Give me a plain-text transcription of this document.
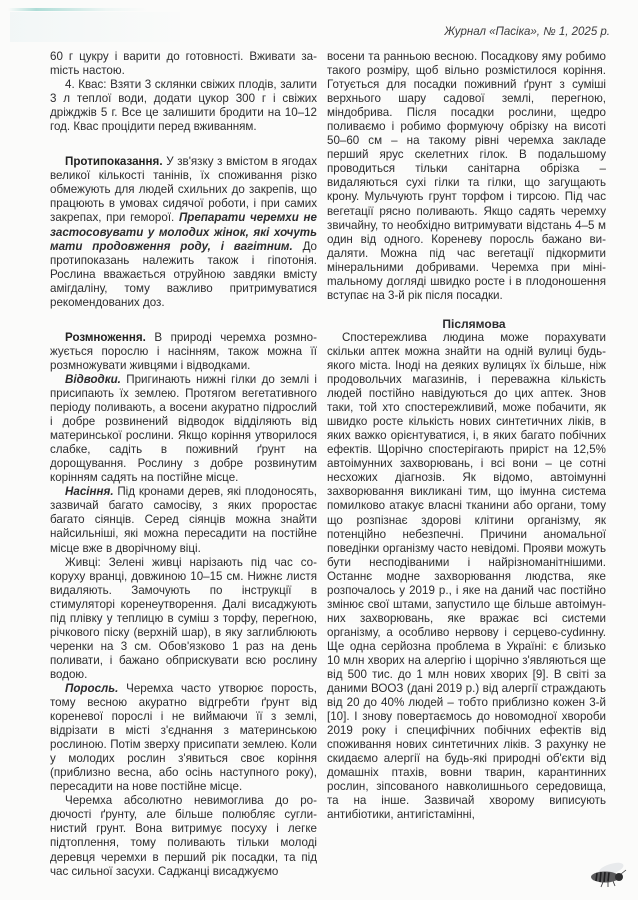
Журнал «Пасіка», № 1, 2025 р.

60 г цукру і варити до готовності. Вживати заmість настою.

4. Квас: Взяти 3 склянки свіжих плодів, залити 3 л теплої води, додати цукор 300 г і свіжих дріжджів 5 г. Все це залишити бродити на 10–12 год. Квас процідити перед вживанням.

Протипоказання. У зв'язку з вмістом в ягодах великої кількості танінів, їх споживання різко обмежують для людей схильних до закрепів, що працюють в умовах сидячої роботи, і при самих закрепах, при геморої. Препарати черемхи не застосовувати у молодих жінок, які хочуть мати продовження роду, і вагітним. До протипоказань належить також і гіпотонія. Рослина вважається отруйною завдяки вмісту амігдаліну, тому важливо притримуватися рекомендованих доз.

Розмноження. В природі черемха розмножується порослю і насінням, також можна її розмножувати живцями і відводками.

Відводки. Пригинають нижні гілки до землі і присипають їх землею. Протягом вегетативного періоду поливають, а восени акуратно підрослий і добре розвинений відводок відділяють від материнської рослини. Якщо коріння утворилося слабке, садіть в поживний ґрунт на дорощування. Рослину з добре розвинутим корінням садять на постійне місце.

Насіння. Під кронами дерев, які плодоносять, зазвичай багато самосіву, з яких проростає багато сіянців. Серед сіянців можна знайти найсильніші, які можна пересадити на постійне місце вже в дворічному віці.

Живці: Зелені живці нарізають під час сокоруху вранці, довжиною 10–15 см. Нижнє листя видаляють. Замочують по інструкції в стимуляторі коренеутворення. Далі висаджують під плівку у теплицю в суміш з торфу, перегною, річкового піску (верхній шар), в яку заглиблюють черенки на 3 см. Обов'язково 1 раз на день поливати, і бажано обприскувати всю рослину водою.

Поросль. Черемха часто утворює порость, тому весною акуратно відгребти ґрунт від кореневої порослі і не виймаючи її з землі, відрізати в місті з'єднання з материнською рослиною. Потім зверху присипати землею. Коли у молодих рослин з'явиться своє коріння (приблизно весна, або осінь наступного року), пересадити на нове постійне місце.

Черемха абсолютно невимоглива до родючості ґрунту, але більше полюбляє суглинистий грунт. Вона витримує посуху і легке підтоплення, тому поливають тільки молоді деревця черемхи в перший рік посадки, та під час сильної засухи. Саджанці висаджуємо

восени та ранньою весною. Посадкову яму робимо такого розміру, щоб вільно розмістилося коріння. Готується для посадки поживний ґрунт з суміші верхнього шару садової землі, перегною, міндобрива. Після посадки рослини, щедро поливаємо і робимо формуючу обрізку на висоті 50–60 см – на такому рівні черемха закладе перший ярус скелетних гілок. В подальшому проводиться тільки санітарна обрізка – видаляються сухі гілки та гілки, що загущають крону. Мульчують грунт торфом і тирсою. Під час вегетації рясно поливають. Якщо садять черемху звичайну, то необхідно витримувати відстань 4–5 м один від одного. Кореневу поросль бажано видаляти. Можна під час вегетації підкормити мінеральними добривами. Черемха при мініmальному догляді швидко росте і в плодоношення вступає на 3-й рік після посадки.

Післямова

Спостережлива людина може порахувати скільки аптек можна знайти на одній вулиці будь-якого міста. Іноді на деяких вулицях їх більше, ніж продовольчих магазинів, і переважна кількість людей постійно навідуються до цих аптек. Знов таки, той хто спостережливий, може побачити, як швидко росте кількість нових синтетичних ліків, в яких важко орієнтуватися, і, в яких багато побічних ефектів. Щорічно спостерігають приріст на 12,5% автоімунних захворювань, і всі вони – це сотні несхожих діагнозів. Як відомо, автоімунні захворювання викликані тим, що імунна система помилково атакує власні тканини або органи, тому що розпізнає здорові клітини організму, як потенційно небезпечні. Причини аномальної поведінки організму часто невідомі. Прояви можуть бути несподіваними і найрізноманітнішими. Останнє модне захворювання людства, яке розпочалось у 2019 р., і яке на даний час постійно змінює свої штами, запустило ще більше автоімунних захворювань, яке вражає всі системи організму, а особливо нервову і серцево-суdинну. Ще одна серйозна проблема в Україні: є близько 10 млн хворих на алергію і щорічно з'являються ще від 500 тис. до 1 млн нових хворих [9]. В світі за даними ВООЗ (дані 2019 р.) від алергії страждають від 20 до 40% людей – тобто приблизно кожен 3-й [10]. І знову повертаємось до новомодної хвороби 2019 року і специфічних побічних ефектів від споживання нових синтетичних ліків. З рахунку не скидаємо алергії на будь-які природні об'єкти від домашніх птахів, вовни тварин, карантинних рослин, зіпсованого навколишнього середовища, та на інше. Зазвичай хворому виписують антибіотики, антигістамінні,
